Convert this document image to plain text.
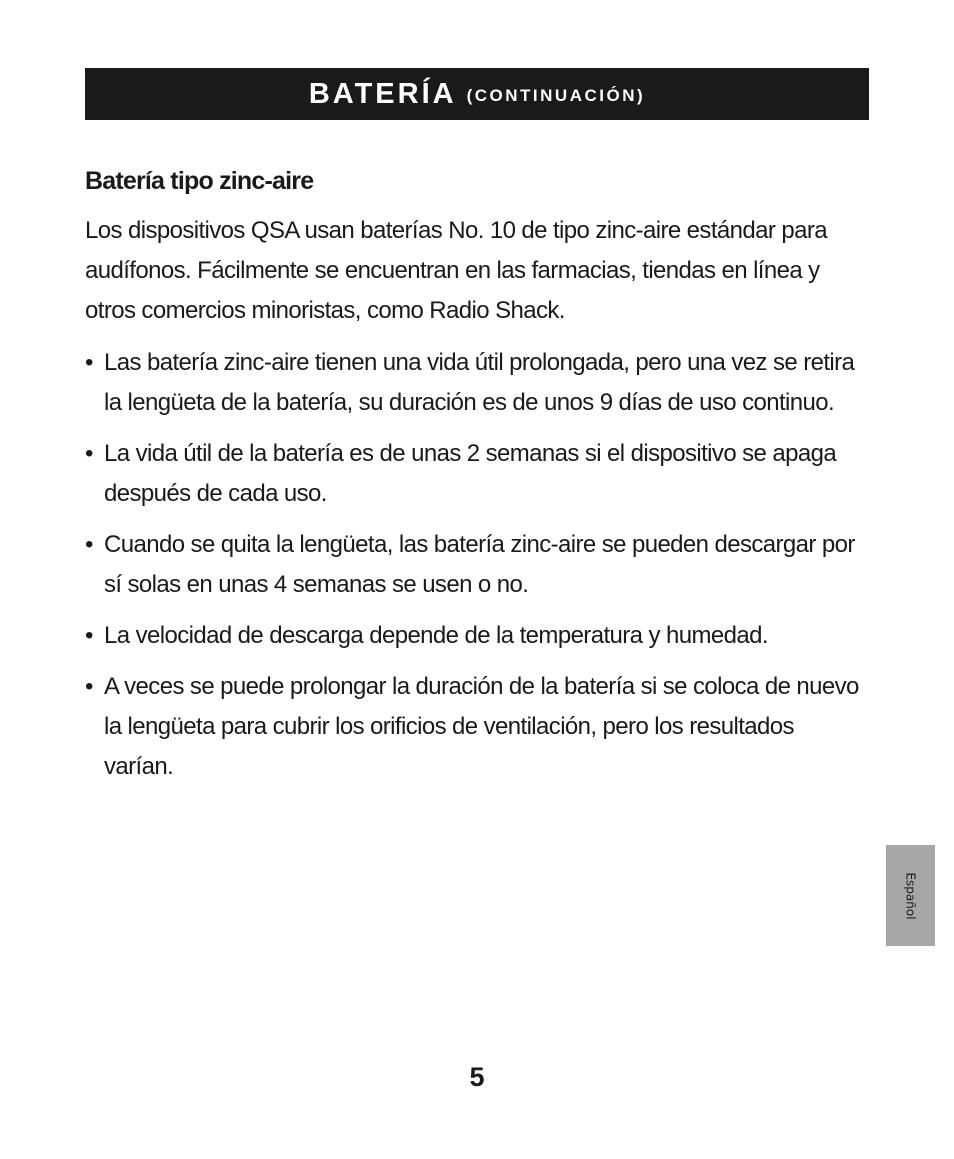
BATERÍA (CONTINUACIÓN)
Batería tipo zinc-aire

Los dispositivos QSA usan baterías No. 10 de tipo zinc-aire estándar para audífonos. Fácilmente se encuentran en las farmacias, tiendas en línea y otros comercios minoristas, como Radio Shack.

• Las batería zinc-aire tienen una vida útil prolongada, pero una vez se retira la lengüeta de la batería, su duración es de unos 9 días de uso continuo.
• La vida útil de la batería es de unas 2 semanas si el dispositivo se apaga después de cada uso.
• Cuando se quita la lengüeta, las batería zinc-aire se pueden descargar por sí solas en unas 4 semanas se usen o no.
• La velocidad de descarga depende de la temperatura y humedad.
• A veces se puede prolongar la duración de la batería si se coloca de nuevo la lengüeta para cubrir los orificios de ventilación, pero los resultados varían.
Español
5
